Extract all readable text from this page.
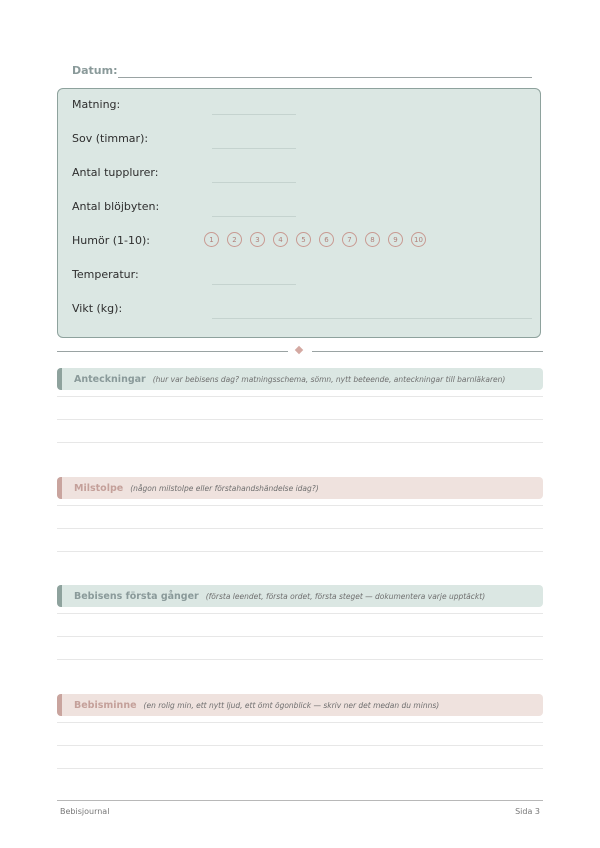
Datum:
Matning:
Sov (timmar):
Antal tupplurer:
Antal blöjbyten:
Humör (1-10):	1	2	3	4	5	6	7	8	9	10
Temperatur:
Vikt (kg):
Anteckningar (hur var bebisens dag? matningsschema, sömn, nytt beteende, anteckningar till barnläkaren)
Milstolpe (någon milstolpe eller förstahandshändelse idag?)
Bebisens första gånger (första leendet, första ordet, första steget — dokumentera varje upptäckt)
Bebisminne (en rolig min, ett nytt ljud, ett ömt ögonblick — skriv ner det medan du minns)
Bebisjournal	Sida 3
